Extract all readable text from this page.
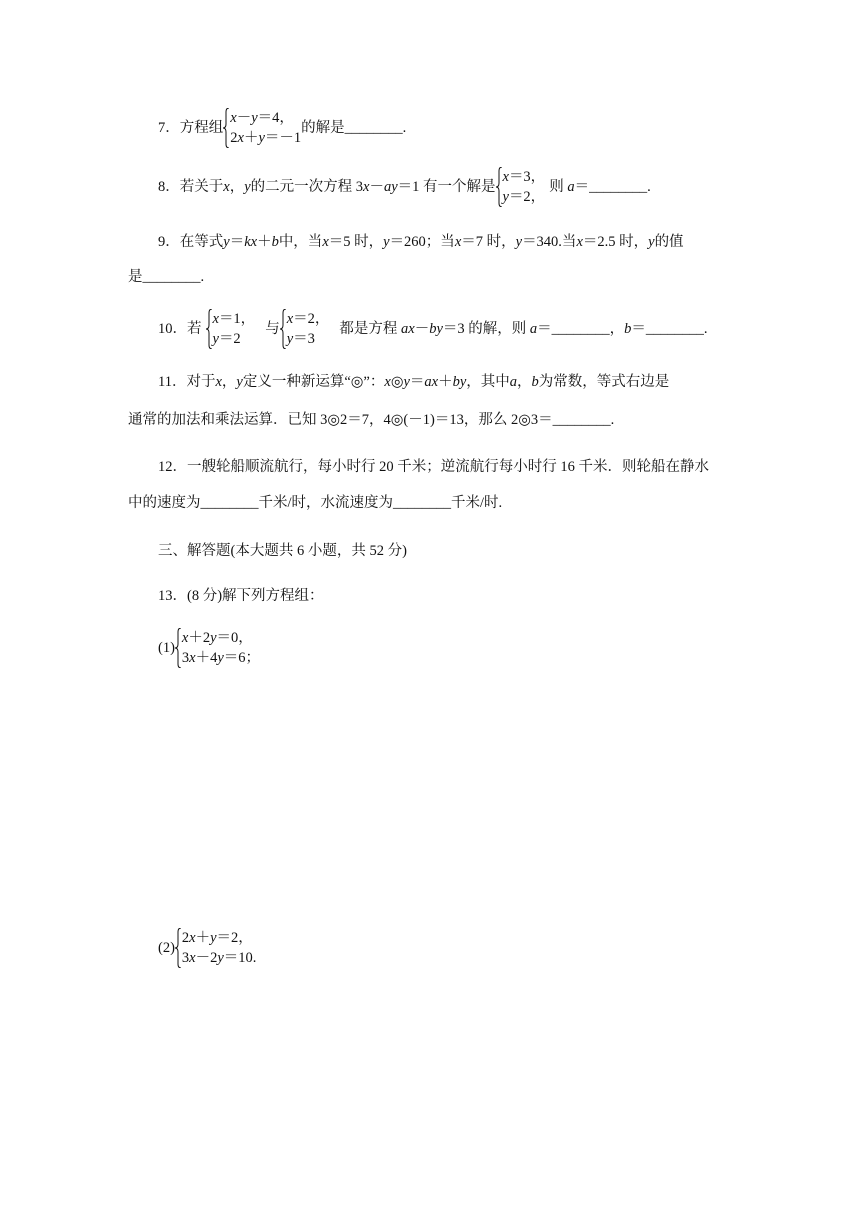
7．方程组
x－y＝4，
2x＋y＝－1
的解是________.
8．若关于x，y的二元一次方程 3x－ay＝1 有一个解是
x＝3，
y＝2，
则 a＝________.
9．在等式y＝kx＋b中，当x＝5 时，y＝260；当x＝7 时，y＝340.当x＝2.5 时，y的值
是________.
10．若
x＝1，
y＝2
与
x＝2，
y＝3
都是方程 ax－by＝3 的解，则 a＝________，b＝________.
11．对于x，y定义一种新运算“◎”：x◎y＝ax＋by，其中a，b为常数，等式右边是
通常的加法和乘法运算．已知 3◎2＝7，4◎(－1)＝13，那么 2◎3＝________.
12．一艘轮船顺流航行，每小时行 20 千米；逆流航行每小时行 16 千米．则轮船在静水
中的速度为________千米/时，水流速度为________千米/时.
三、解答题(本大题共 6 小题，共 52 分)
13．(8 分)解下列方程组：
(1)
x＋2y＝0，
3x＋4y＝6；
(2)
2x＋y＝2，
3x－2y＝10.
